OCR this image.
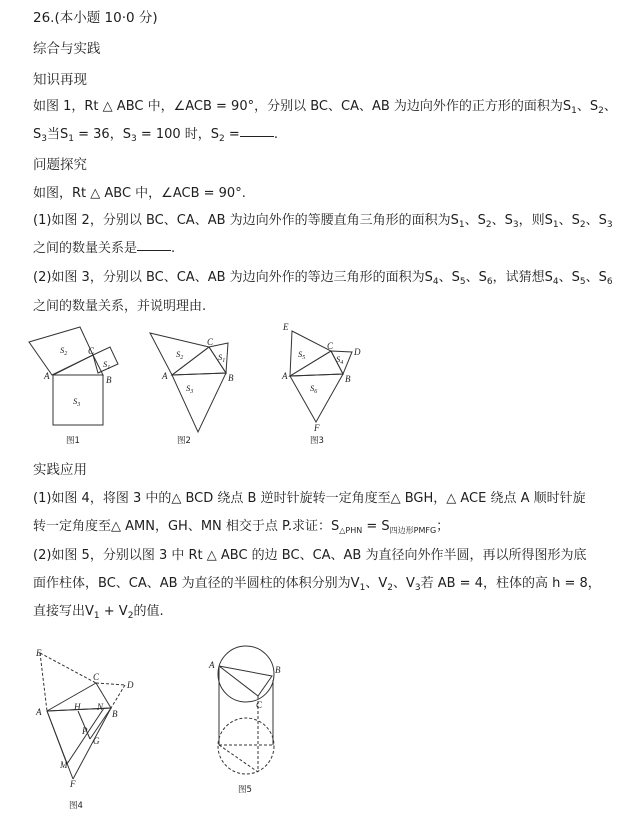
26.(本小题 10·0 分)
综合与实践
知识再现
如图 1，Rt △ ABC 中，∠ACB = 90°，分别以 BC、CA、AB 为边向外作的正方形的面积为$S_1$、$S_2$、
$S_3$当$S_1 = 36$，$S_3 = 100$ 时，$S_2$ =	.
问题探究
如图，Rt △ ABC 中，∠ACB = 90°.
(1)如图 2，分别以 BC、CA、AB 为边向外作的等腰直角三角形的面积为$S_1$、$S_2$、$S_3$，则$S_1$、$S_2$、$S_3$
之间的数量关系是	.
(2)如图 3，分别以 BC、CA、AB 为边向外作的等边三角形的面积为$S_4$、$S_5$、$S_6$，试猜想$S_4$、$S_5$、$S_6$
之间的数量关系，并说明理由.
A	B
C
$S_2$
$S_1$
$S_3$
图1
A	B
C
$S_2$	$S_1$
$S_3$
图2
E
D
A	B
C
F
$S_5$	$S_4$
$S_6$
图3
E
C
D
A	H N
B
P
G
M
F
图4
A	B
C
图5
实践应用
(1)如图 4，将图 3 中的△ BCD 绕点 B 逆时针旋转一定角度至△ BGH，△ ACE 绕点 A 顺时针旋
转一定角度至△ AMN，GH、MN 相交于点 P.求证：$S_{\triangle PHN} = S_{四边形PMFG}$；
(2)如图 5，分别以图 3 中 Rt △ ABC 的边 BC、CA、AB 为直径向外作半圆，再以所得图形为底
面作柱体，BC、CA、AB 为直径的半圆柱的体积分别为$V_1$、$V_2$、$V_3$若 AB = 4，柱体的高 h = 8，
直接写出$V_1 + V_2$的值.
